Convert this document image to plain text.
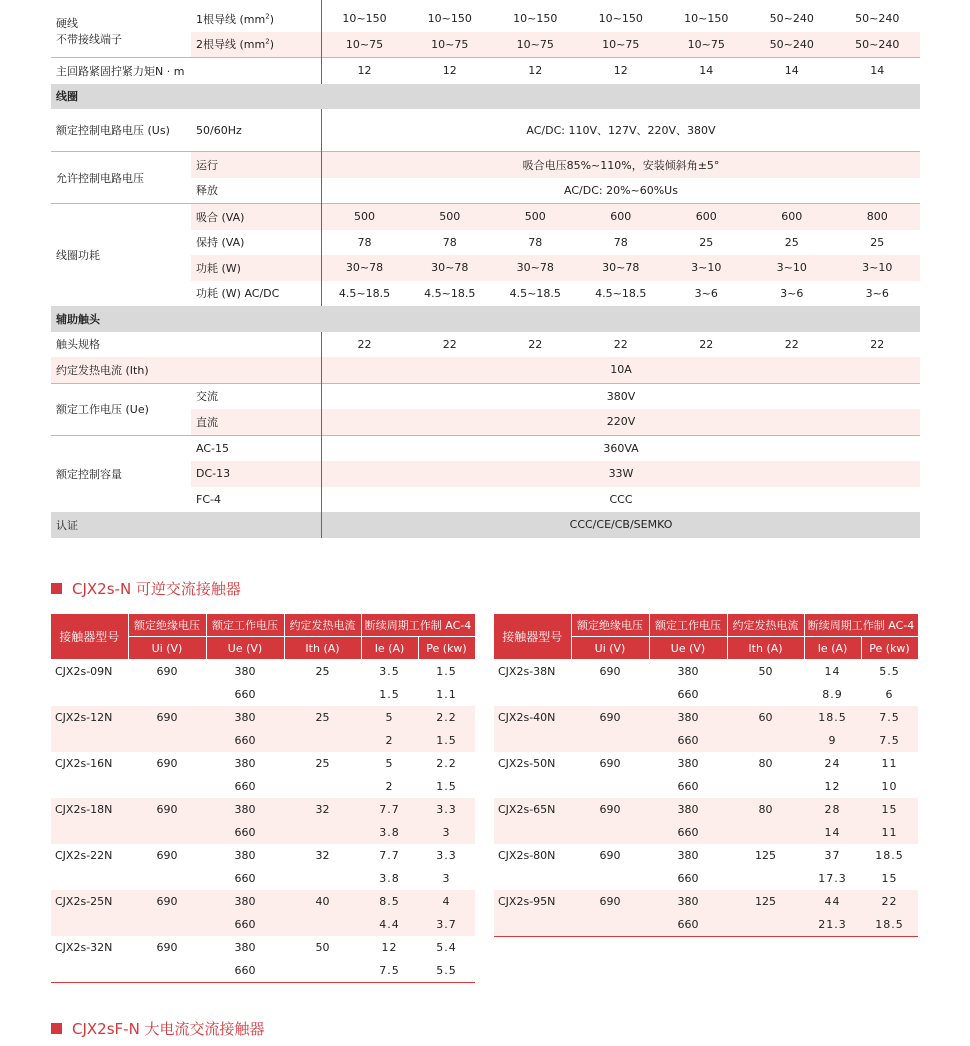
硬线
不带接线端子	1根导线 $(mm^2)$	10~150	10~150	10~150	10~150	10~150	50~240	50~240
	2根导线 $(mm^2)$	10~75	10~75	10~75	10~75	10~75	50~240	50~240
主回路紧固拧紧力矩N · m		12	12	12	12	14	14	14
线圈								
额定控制电路电压 (Us)	50/60Hz	AC/DC: 110V、127V、220V、380V						
允许控制电路电压	运行	吸合电压85%~110%，安装倾斜角±5°						
	释放	AC/DC: 20%~60%Us						
线圈功耗	吸合 (VA)	500	500	500	600	600	600	800
	保持 (VA)	78	78	78	78	25	25	25
	功耗 (W)	30~78	30~78	30~78	30~78	3~10	3~10	3~10
	功耗 (W) AC/DC	4.5~18.5	4.5~18.5	4.5~18.5	4.5~18.5	3~6	3~6	3~6
辅助触头								
触头规格		22	22	22	22	22	22	22
约定发热电流 (Ith)		10A						
额定工作电压 (Ue)	交流	380V						
	直流	220V						
额定控制容量	AC-15	360VA						
	DC-13	33W						
	FC-4	CCC						
认证		CCC/CE/CB/SEMKO						
CJX2s-N 可逆交流接触器
接触器型号	额定绝缘电压	额定工作电压	约定发热电流	断续周期工作制 AC-4	
	Ui (V)	Ue (V)	Ith (A)	Ie (A)	Pe (kw)
CJX2s-09N	690	380	25	3.5	1.5
		660		1.5	1.1
CJX2s-12N	690	380	25	5	2.2
		660		2	1.5
CJX2s-16N	690	380	25	5	2.2
		660		2	1.5
CJX2s-18N	690	380	32	7.7	3.3
		660		3.8	3
CJX2s-22N	690	380	32	7.7	3.3
		660		3.8	3
CJX2s-25N	690	380	40	8.5	4
		660		4.4	3.7
CJX2s-32N	690	380	50	12	5.4
		660		7.5	5.5
接触器型号	额定绝缘电压	额定工作电压	约定发热电流	断续周期工作制 AC-4	
	Ui (V)	Ue (V)	Ith (A)	Ie (A)	Pe (kw)
CJX2s-38N	690	380	50	14	5.5
		660		8.9	6
CJX2s-40N	690	380	60	18.5	7.5
		660		9	7.5
CJX2s-50N	690	380	80	24	11
		660		12	10
CJX2s-65N	690	380	80	28	15
		660		14	11
CJX2s-80N	690	380	125	37	18.5
		660		17.3	15
CJX2s-95N	690	380	125	44	22
		660		21.3	18.5
CJX2sF-N 大电流交流接触器
